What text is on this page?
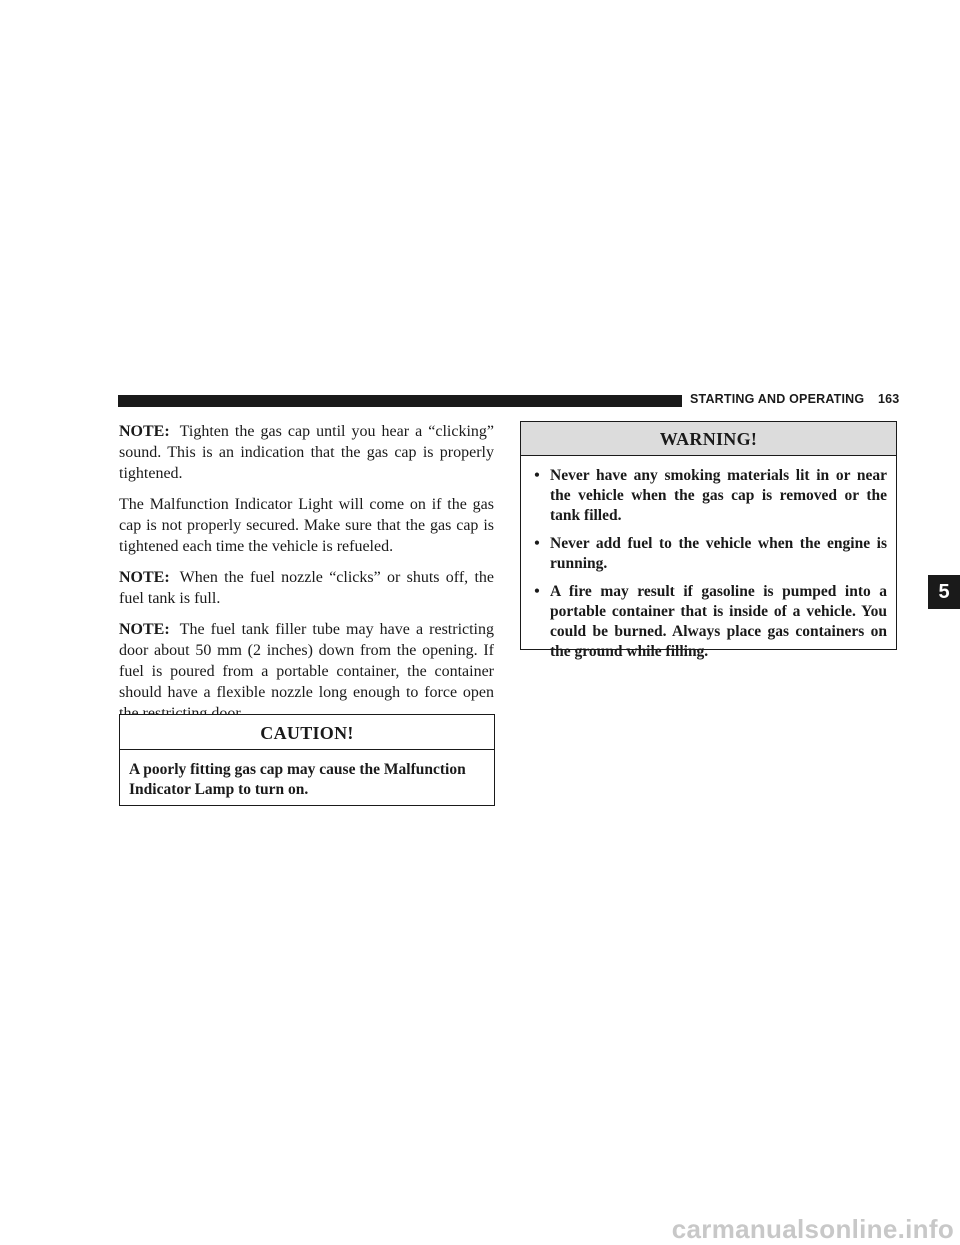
STARTING AND OPERATING 163

NOTE: Tighten the gas cap until you hear a “clicking” sound. This is an indication that the gas cap is properly tightened.

The Malfunction Indicator Light will come on if the gas cap is not properly secured. Make sure that the gas cap is tightened each time the vehicle is refueled.

NOTE: When the fuel nozzle “clicks” or shuts off, the fuel tank is full.

NOTE: The fuel tank filler tube may have a restricting door about 50 mm (2 inches) down from the opening. If fuel is poured from a portable container, the container should have a flexible nozzle long enough to force open

CAUTION!
A poorly fitting gas cap may cause the Malfunction Indicator Lamp to turn on.
WARNING!
• Never have any smoking materials lit in or near the vehicle when the gas cap is removed or the tank filled.
• Never add fuel to the vehicle when the engine is running.
• A fire may result if gasoline is pumped into a portable container that is inside of a vehicle. You could be burned. Always place gas containers on the ground while filling.
5
carmanualsonline.info
